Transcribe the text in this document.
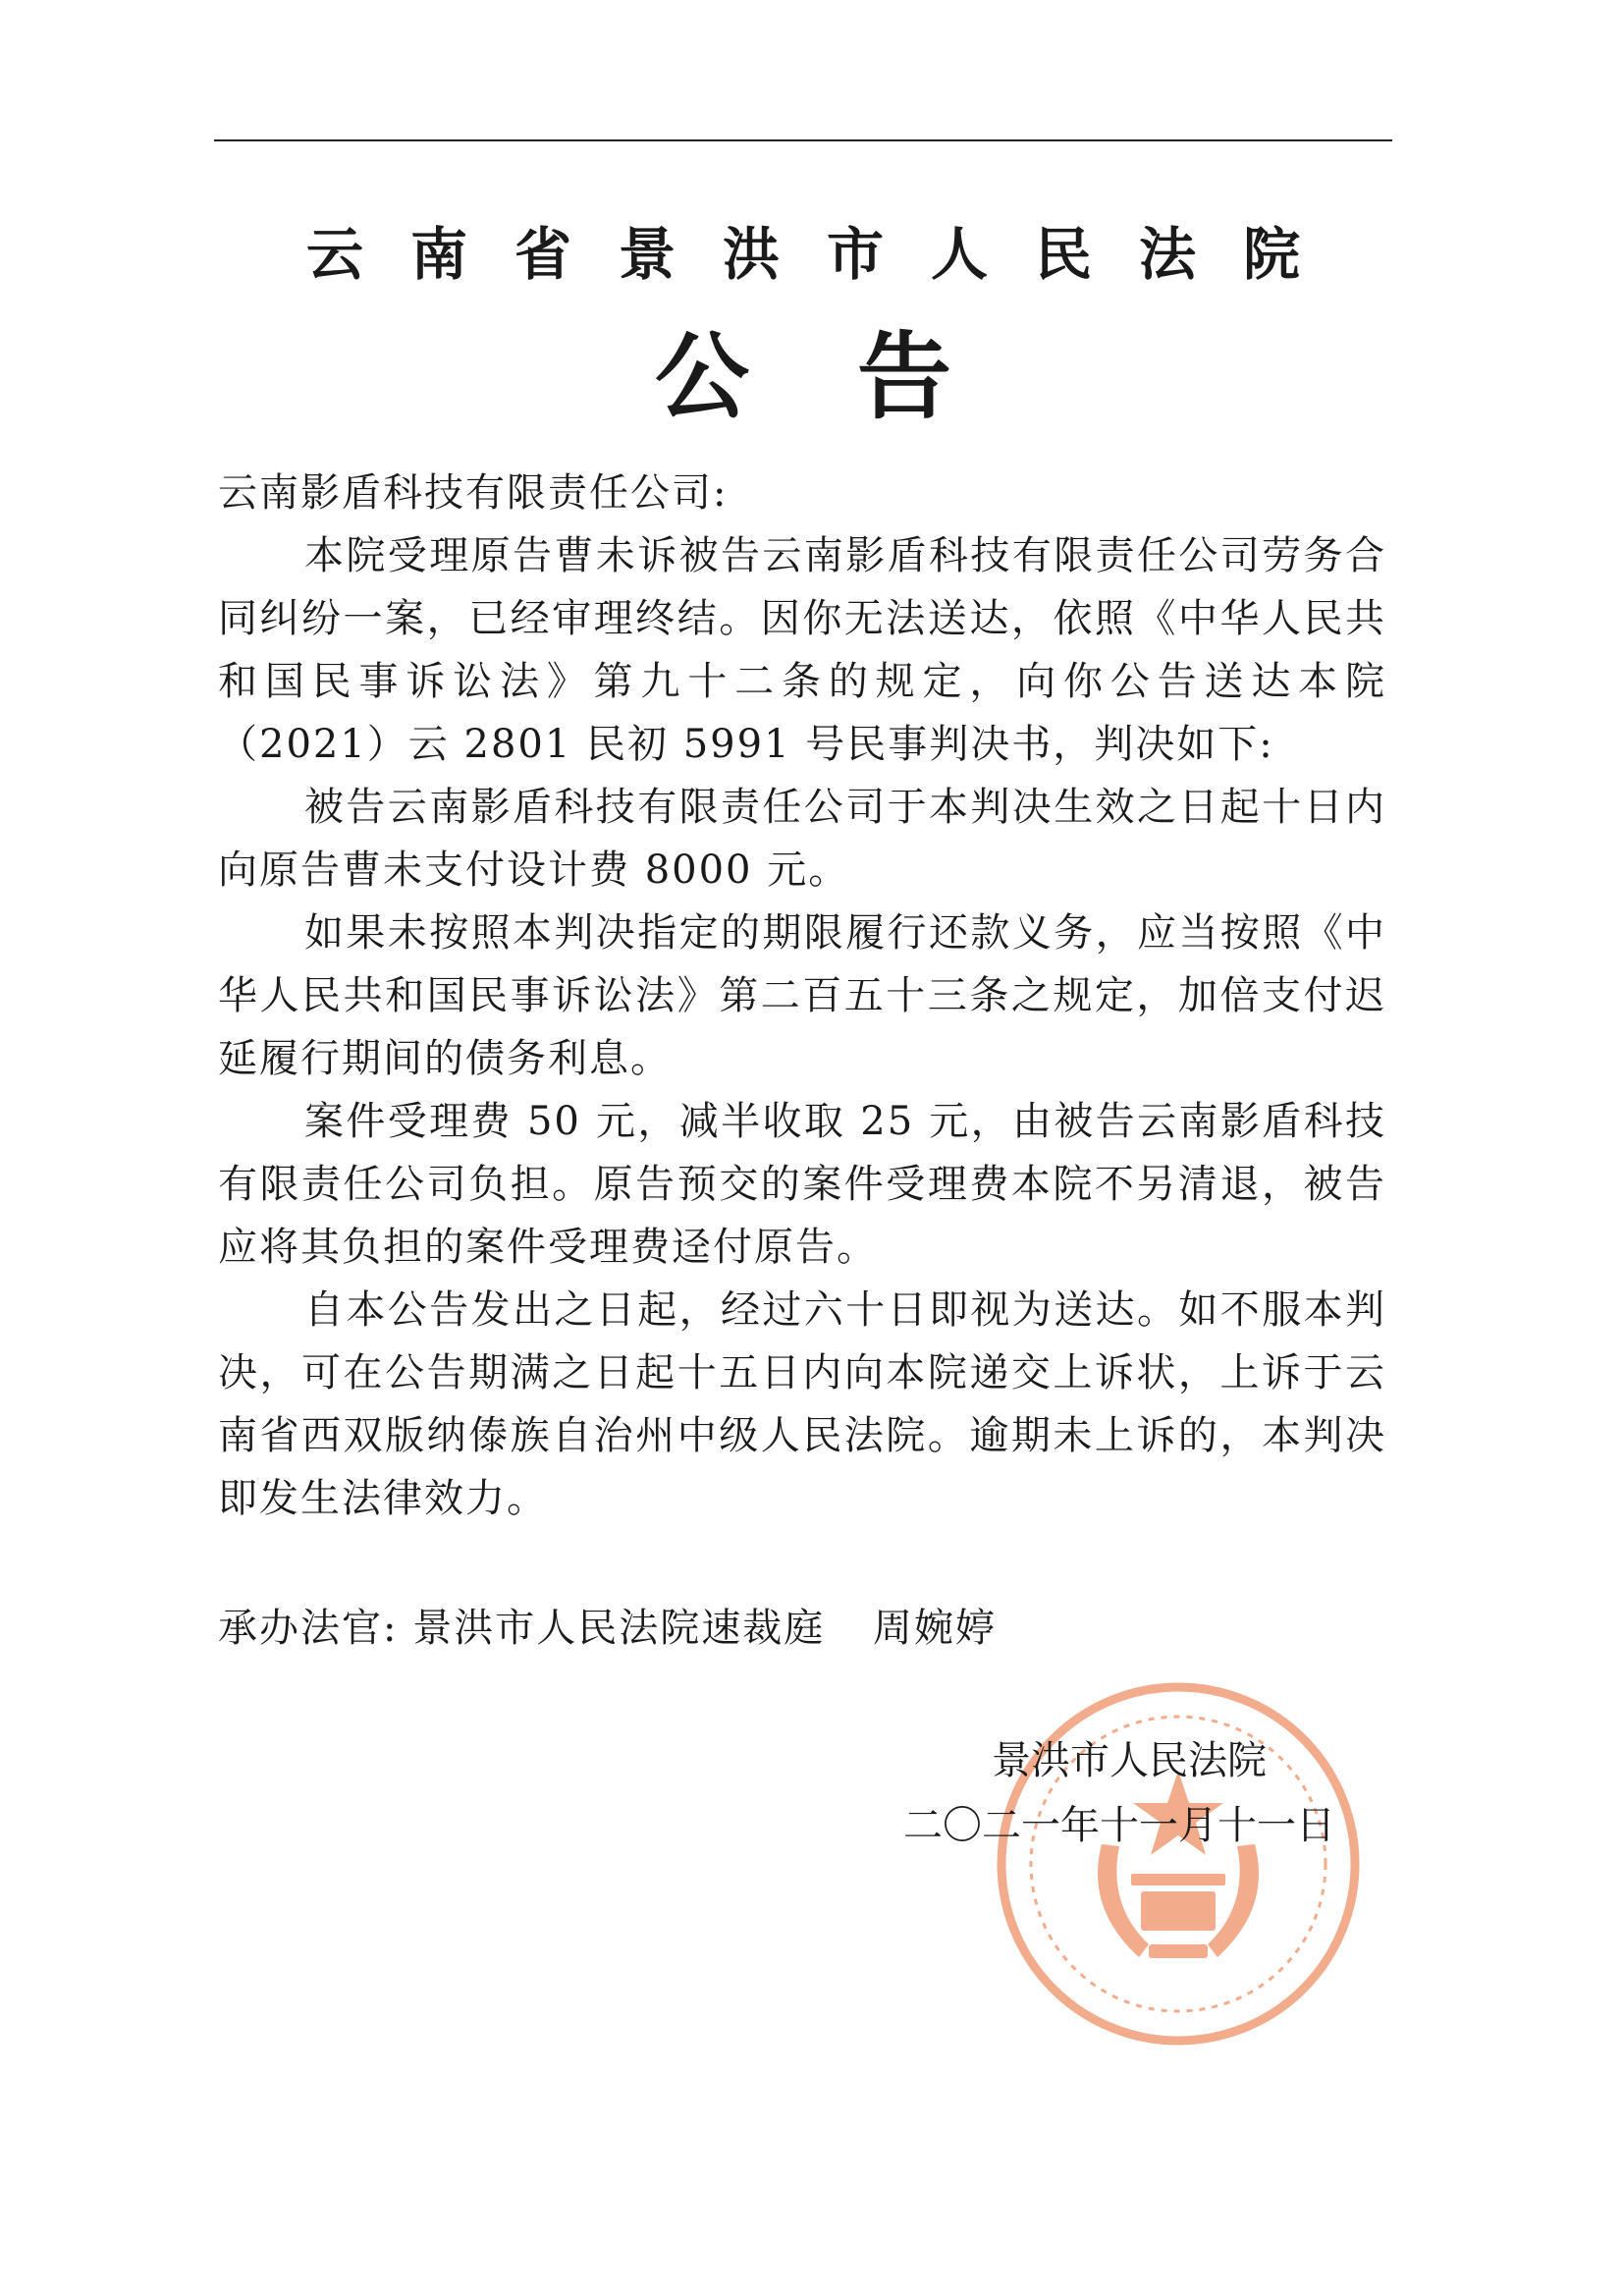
云南省景洪市人民法院
公告

云南影盾科技有限责任公司:

本院受理原告曹未诉被告云南影盾科技有限责任公司劳务合同纠纷一案，已经审理终结。因你无法送达，依照《中华人民共和国民事诉讼法》第九十二条的规定，向你公告送达本院（2021）云 2801 民初 5991 号民事判决书，判决如下:

被告云南影盾科技有限责任公司于本判决生效之日起十日内向原告曹未支付设计费 8000 元。

如果未按照本判决指定的期限履行还款义务，应当按照《中华人民共和国民事诉讼法》第二百五十三条之规定，加倍支付迟延履行期间的债务利息。

案件受理费 50 元，减半收取 25 元，由被告云南影盾科技有限责任公司负担。原告预交的案件受理费本院不另清退，被告应将其负担的案件受理费迳付原告。

自本公告发出之日起，经过六十日即视为送达。如不服本判决，可在公告期满之日起十五日内向本院递交上诉状，上诉于云南省西双版纳傣族自治州中级人民法院。逾期未上诉的，本判决即发生法律效力。

承办法官: 景洪市人民法院速裁庭 周婉婷
景洪市人民法院
二〇二一年十一月十一日
